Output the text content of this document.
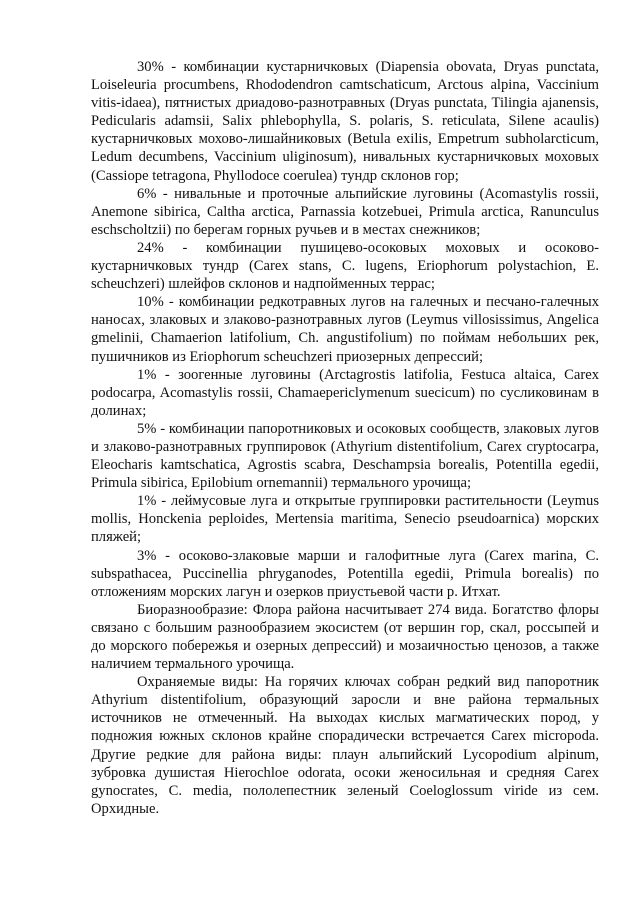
30% - комбинации кустарничковых (Diapensia obovata, Dryas punctata, Loiseleuria procumbens, Rhododendron camtschaticum, Arctous alpina, Vaccinium vitis-idaea), пятнистых дриадово-разнотравных (Dryas punctata, Tilingia ajanensis, Pedicularis adamsii, Salix phlebophylla, S. polaris, S. reticulata, Silene acaulis) кустарничковых мохово-лишайниковых (Betula exilis, Empetrum subholarcticum, Ledum decumbens, Vaccinium uliginosum), нивальных кустарничковых моховых (Cassiope tetragona, Phyllodoce coerulea) тундр склонов гор;

6% - нивальные и проточные альпийские луговины (Acomastylis rossii, Anemone sibirica, Caltha arctica, Parnassia kotzebuei, Primula arctica, Ranunculus eschscholtzii) по берегам горных ручьев и в местах снежников;

24% - комбинации пушицево-осоковых моховых и осоково-кустарничковых тундр (Carex stans, C. lugens, Eriophorum polystachion, E. scheuchzeri) шлейфов склонов и надпойменных террас;

10% - комбинации редкотравных лугов на галечных и песчано-галечных наносах, злаковых и злаково-разнотравных лугов (Leymus villosissimus, Angelica gmelinii, Chamaerion latifolium, Ch. angustifolium) по поймам небольших рек, пушичников из Eriophorum scheuchzeri приозерных депрессий;

1% - зоогенные луговины (Arctagrostis latifolia, Festuca altaica, Carex podocarpa, Acomastylis rossii, Chamaepericlymenum suecicum) по сусликовинам в долинах;

5% - комбинации папоротниковых и осоковых сообществ, злаковых лугов и злаково-разнотравных группировок (Athyrium distentifolium, Carex cryptocarpa, Eleocharis kamtschatica, Agrostis scabra, Deschampsia borealis, Potentilla egedii, Primula sibirica, Epilobium ornemannii) термального урочища;

1% - леймусовые луга и открытые группировки растительности (Leymus mollis, Honckenia peploides, Mertensia maritima, Senecio pseudoarnica) морских пляжей;

3% - осоково-злаковые марши и галофитные луга (Carex marina, C. subspathacea, Puccinellia phryganodes, Potentilla egedii, Primula borealis) по отложениям морских лагун и озерков приустьевой части р. Итхат.

Биоразнообразие: Флора района насчитывает 274 вида. Богатство флоры связано с большим разнообразием экосистем (от вершин гор, скал, россыпей и до морского побережья и озерных депрессий) и мозаичностью ценозов, а также наличием термального урочища.

Охраняемые виды: На горячих ключах собран редкий вид папоротник Athyrium distentifolium, образующий заросли и вне района термальных источников не отмеченный. На выходах кислых магматических пород, у подножия южных склонов крайне спорадически встречается Carex micropoda. Другие редкие для района виды: плаун альпийский Lycopodium alpinum, зубровка душистая Hierochloe odorata, осоки женосильная и средняя Carex gynocrates, C. media, пололепестник зеленый Coeloglossum viride из сем. Орхидные.
